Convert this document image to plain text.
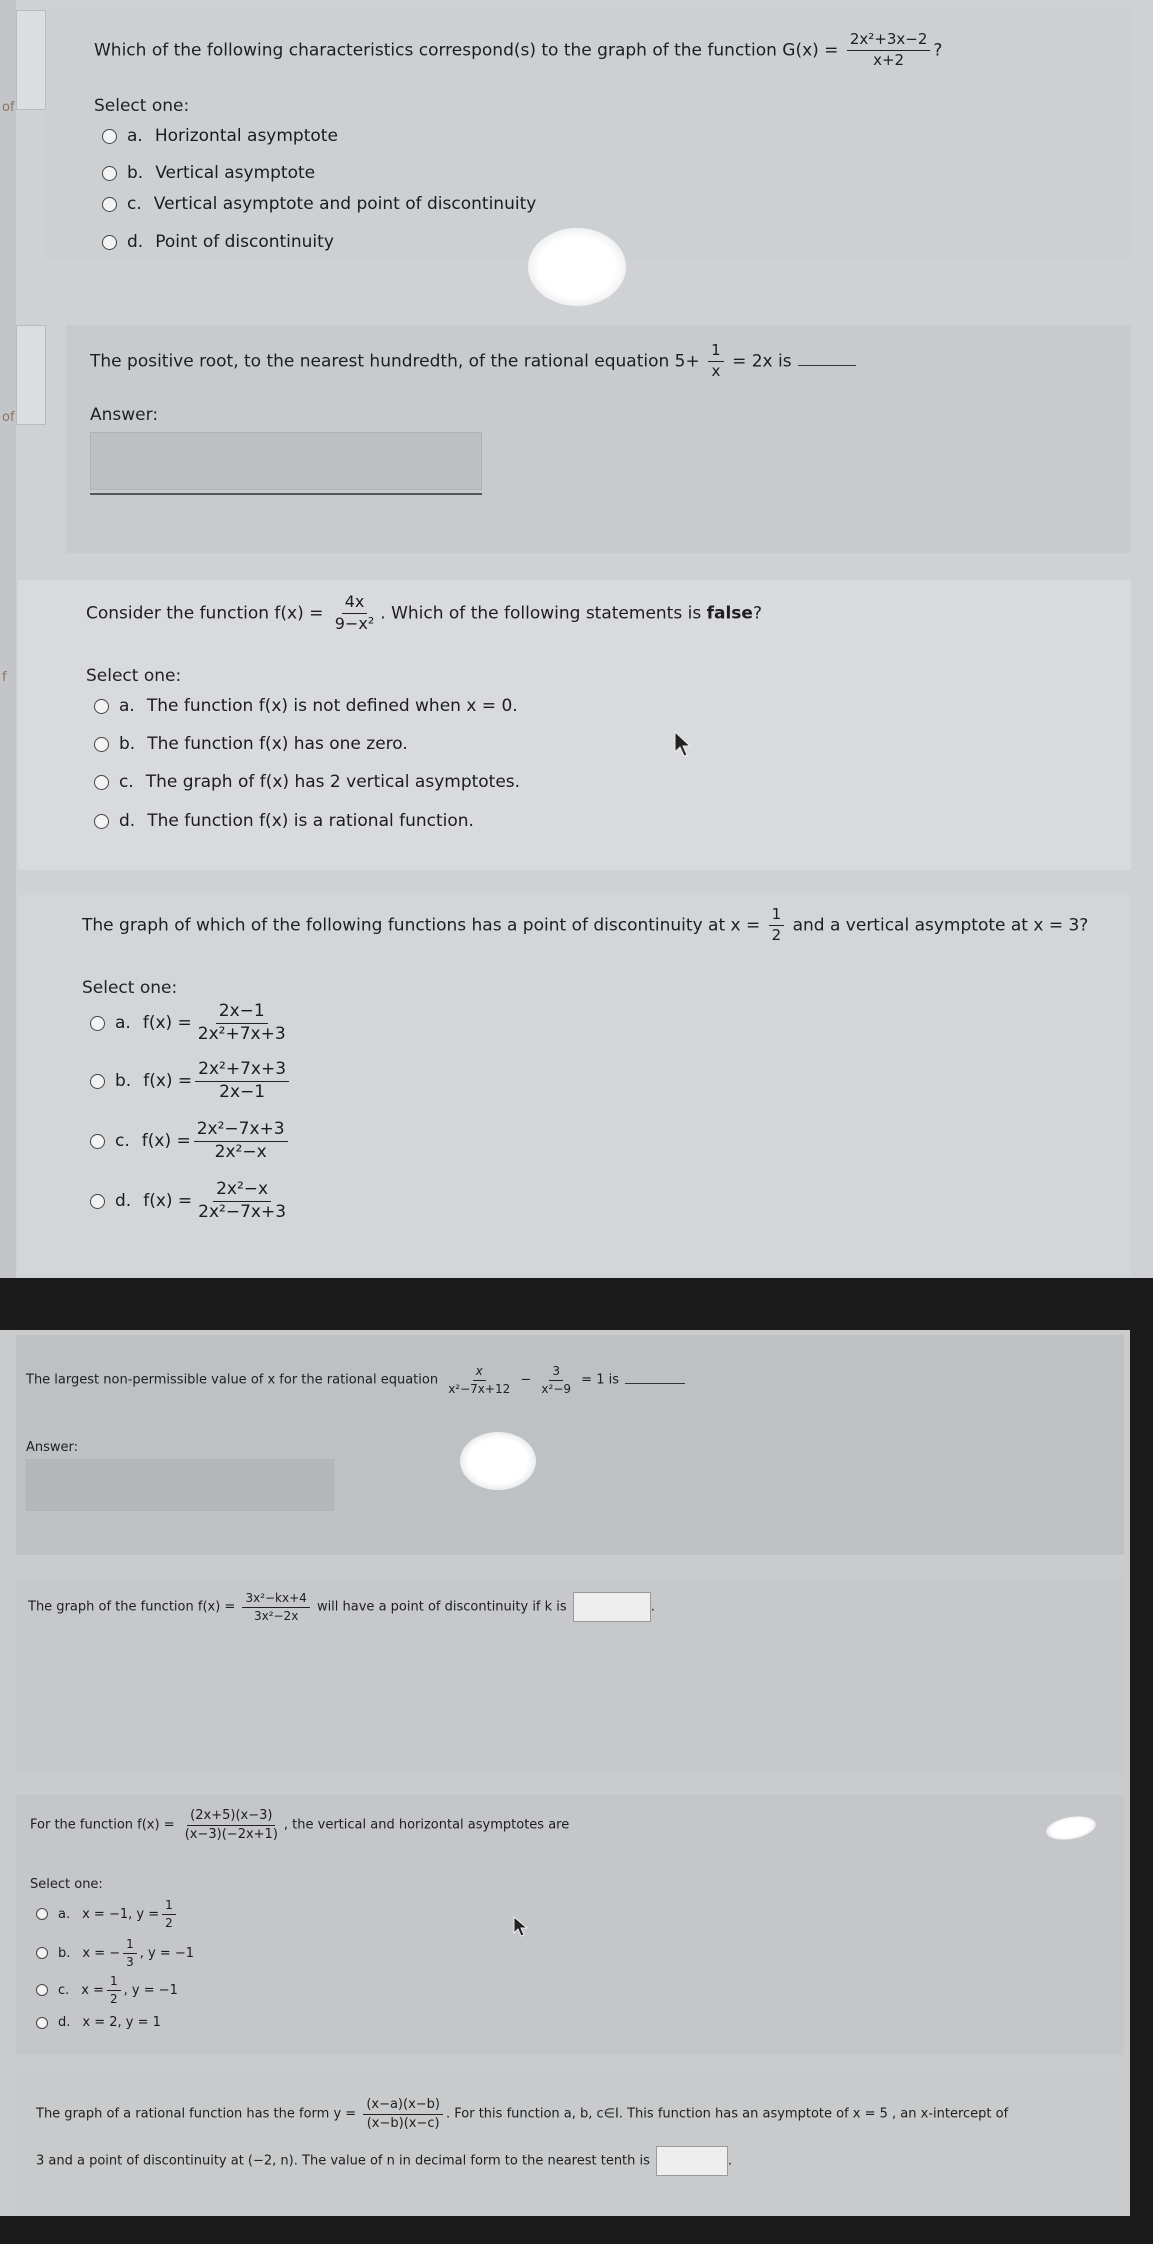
of
of
f
Which of the following characteristics correspond(s) to the graph of the function $G(x) = \frac{\text{2x²+3x−2}}{x+2}$ ?
Select one:
a. Horizontal asymptote
b. Vertical asymptote
c. Vertical asymptote and point of discontinuity
d. Point of discontinuity
The positive root, to the nearest hundredth, of the rational equation $5+ \frac{1}{x} = 2x$ is
Answer:
Consider the function $f(x) = \frac{4x}{\text{9−x²}}$ . Which of the following statements is false?
Select one:
a. The function f(x) is not defined when x = 0.
b. The function f(x) has one zero.
c. The graph of f(x) has 2 vertical asymptotes.
d. The function f(x) is a rational function.
The graph of which of the following functions has a point of discontinuity at $x = \frac{1}{2}$ and a vertical asymptote at x = 3?
Select one:
a. $f(x) = \frac{2x-1}{\text{2x²+7x+3}}$
b. $f(x) = \frac{\text{2x²+7x+3}}{2x-1}$
c. $f(x) = \frac{\text{2x²−7x+3}}{\text{2x²−x}}$
d. $f(x) = \frac{\text{2x²−x}}{\text{2x²−7x+3}}$
The largest non-permissible value of x for the rational equation $\frac{x}{\text{x²−7x+12}} - \frac{3}{\text{x²−9}} = 1$ is
Answer:
The graph of the function $f(x) = \frac{\text{3x²−kx+4}}{\text{3x²−2x}}$ will have a point of discontinuity if k is	.
For the function $f(x) = \frac{(2x+5)(x-3)}{(x-3)(-2x+1)}$ , the vertical and horizontal asymptotes are
Select one:
a. x = −1, $y = \frac{1}{2}$
b. x = − $\frac{1}{3}$ , y = −1
c. $x = \frac{1}{2}$ , y = −1
d. x = 2, y = 1
The graph of a rational function has the form $y = \frac{(x-a)(x-b)}{(x-b)(x-c)}$ . For this function a, b, c∈I. This function has an asymptote of x = 5 , an x-intercept of
3 and a point of discontinuity at (−2, n). The value of n in decimal form to the nearest tenth is	.
